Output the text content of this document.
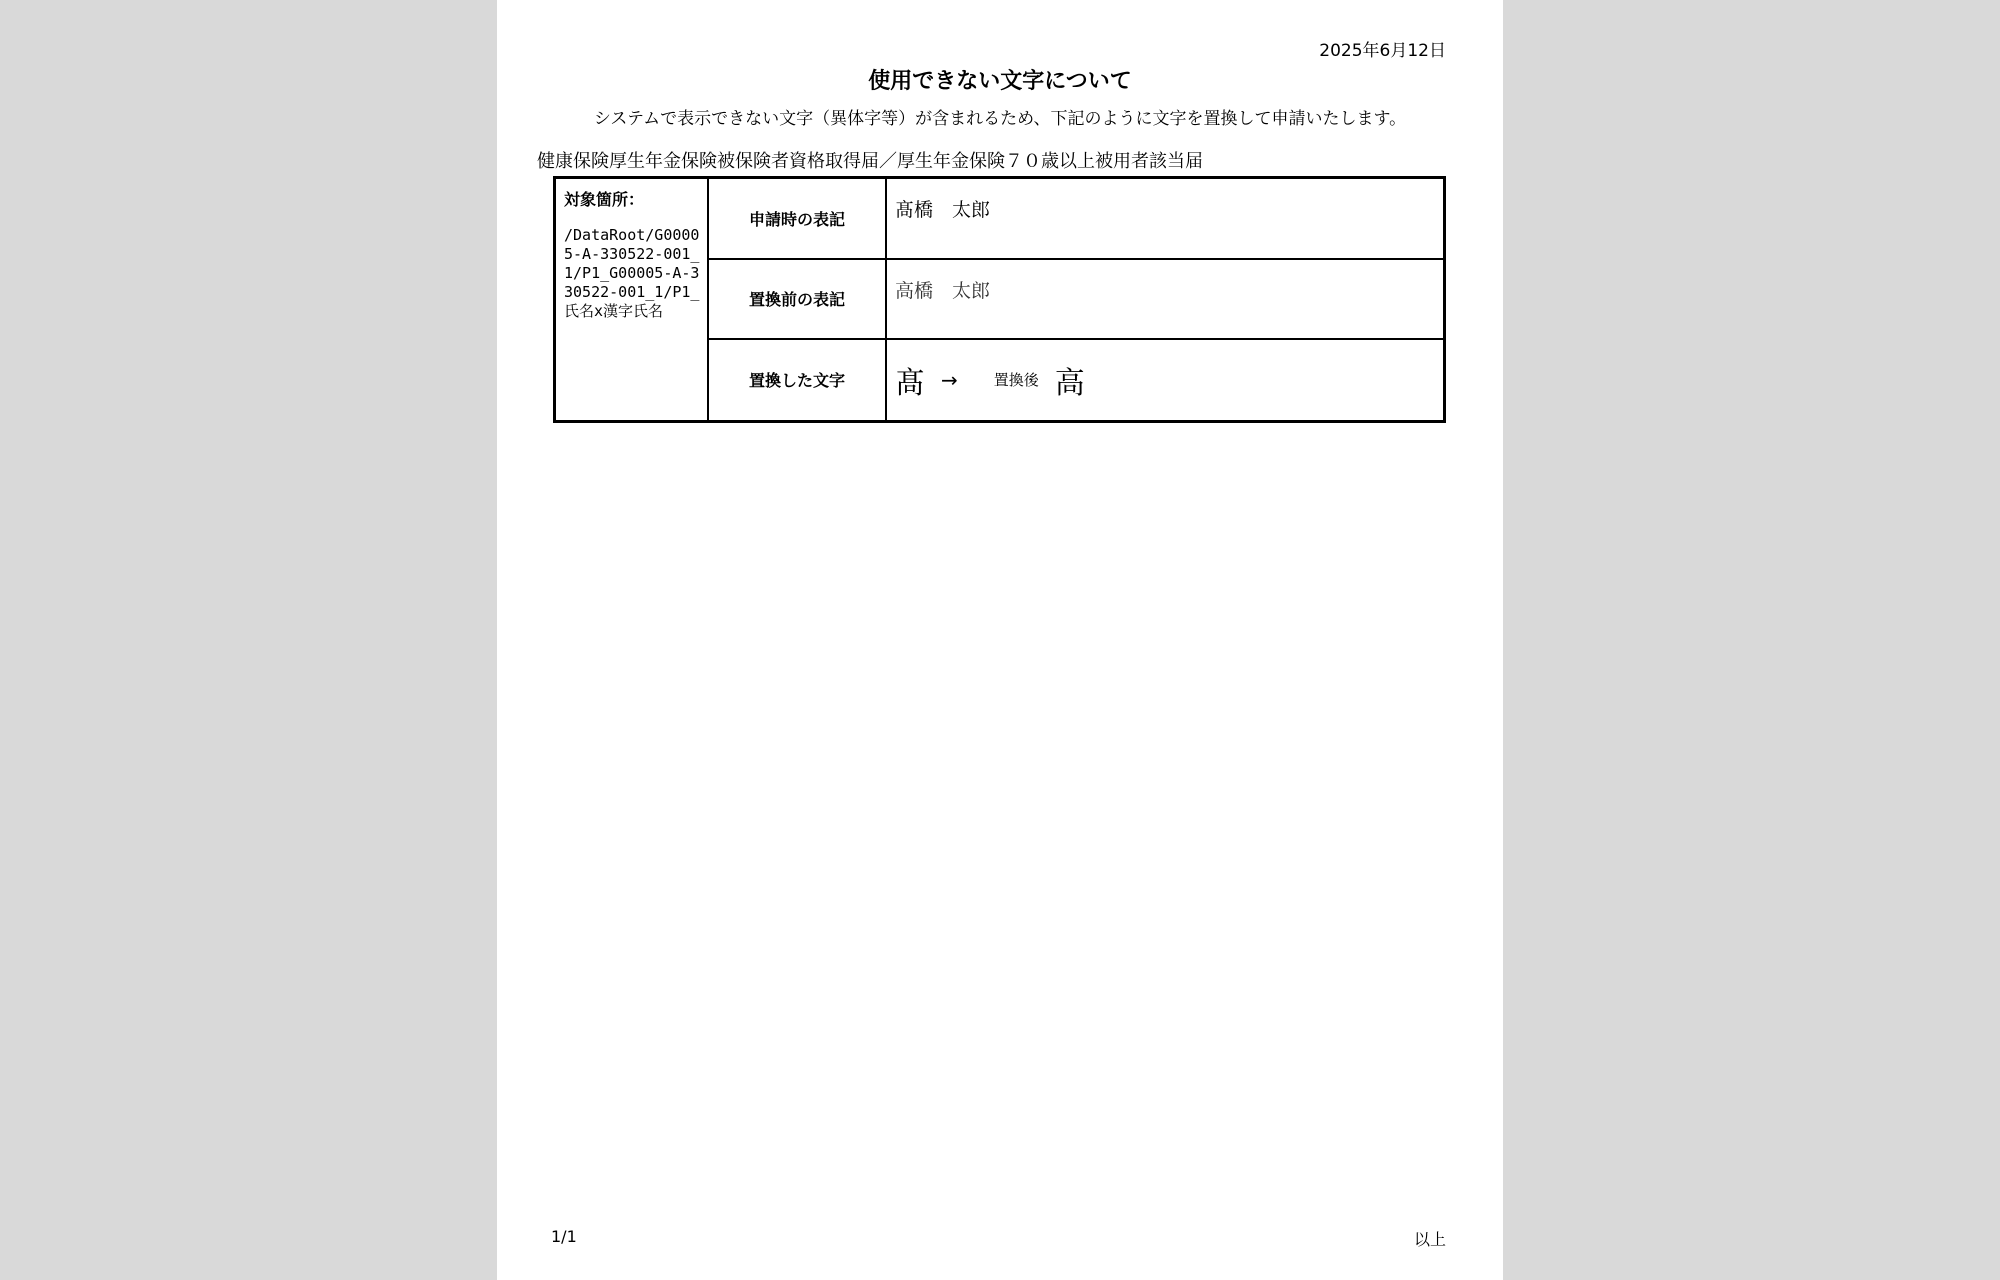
2025年6月12日
使用できない文字について
システムで表示できない文字（異体字等）が含まれるため、下記のように文字を置換して申請いたします。
健康保険厚生年金保険被保険者資格取得届／厚生年金保険７０歳以上被用者該当届
対象箇所：
/DataRoot/G00005-A-330522-001_1/P1_G00005-A-330522-001_1/P1_氏名x漢字氏名	申請時の表記	髙橋　太郎
	置換前の表記	高橋　太郎
	置換した文字	髙 → 置換後 高
1/1	以上
